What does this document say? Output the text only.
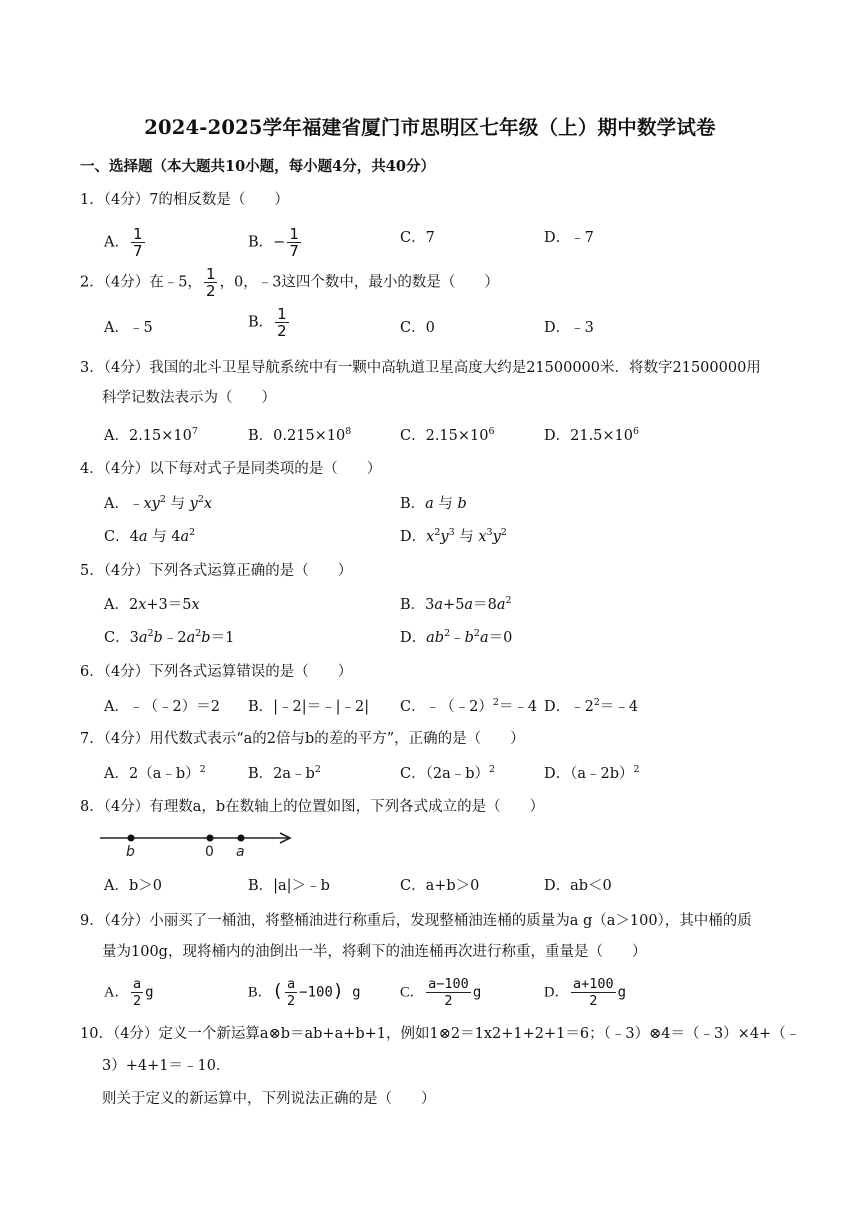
2024-2025学年福建省厦门市思明区七年级（上）期中数学试卷
一、选择题（本大题共10小题，每小题4分，共40分）
1．（4分）7的相反数是（　　）
A． $\frac{1}{7}$	B．− $\frac{1}{7}$	C．7	D．﹣7
2．（4分）在﹣5， $\frac{1}{2}$ ，0，﹣3这四个数中，最小的数是（　　）
A．﹣5	B． $\frac{1}{2}$	C．0	D．﹣3
3．（4分）我国的北斗卫星导航系统中有一颗中高轨道卫星高度大约是21500000米．将数字21500000用
科学记数法表示为（　　）
A．$2.15\times 10^7$	B．$0.215\times 10^8$	C．$2.15\times 10^6$	D．$21.5\times 10^6$
4．（4分）以下每对式子是同类项的是（　　）
A．$﹣xy^2$ 与 $y^2x$	B．a 与 b
C．4a 与 $4a^2$	D．$x^2y^3$ 与 $x^3y^2$
5．（4分）下列各式运算正确的是（　　）
A．2x+3＝5x	B．$3a+5a=8a^2$
C．$3a^2b﹣2a^2b=1$	D．$ab^2﹣b^2a=0$
6．（4分）下列各式运算错误的是（　　）
A．﹣（﹣2）＝2 B．|﹣2|＝﹣|﹣2| C．﹣（﹣2）$^2$＝﹣4 D．$﹣2^2=﹣4$
7．（4分）用代数式表示“a的2倍与b的差的平方”，正确的是（　　）
A．2（a﹣b）$^2$	B．$2a﹣b^2$	C．（2a﹣b）$^2$	D．（a﹣2b）$^2$
8．（4分）有理数a，b在数轴上的位置如图，下列各式成立的是（　　）
b	0 a
A．b＞0	B．|a|＞﹣b	C．a+b＞0	D．ab＜0
9．（4分）小丽买了一桶油，将整桶油进行称重后，发现整桶油连桶的质量为a g（a＞100），其中桶的质
量为100g，现将桶内的油倒出一半，将剩下的油连桶再次进行称重，重量是（　　）
A． $\frac{a}{2}$ g	B．( $\frac{a}{2} -100$) g	C． $\frac{a-100}{2}$ g	D． $\frac{a+100}{2}$ g
10．（4分）定义一个新运算a⊗b＝ab+a+b+1，例如1⊗2＝1x2+1+2+1＝6；（﹣3）⊗4＝（﹣3）×4+（﹣
3）+4+1＝﹣10．
则关于定义的新运算中，下列说法正确的是（　　）
